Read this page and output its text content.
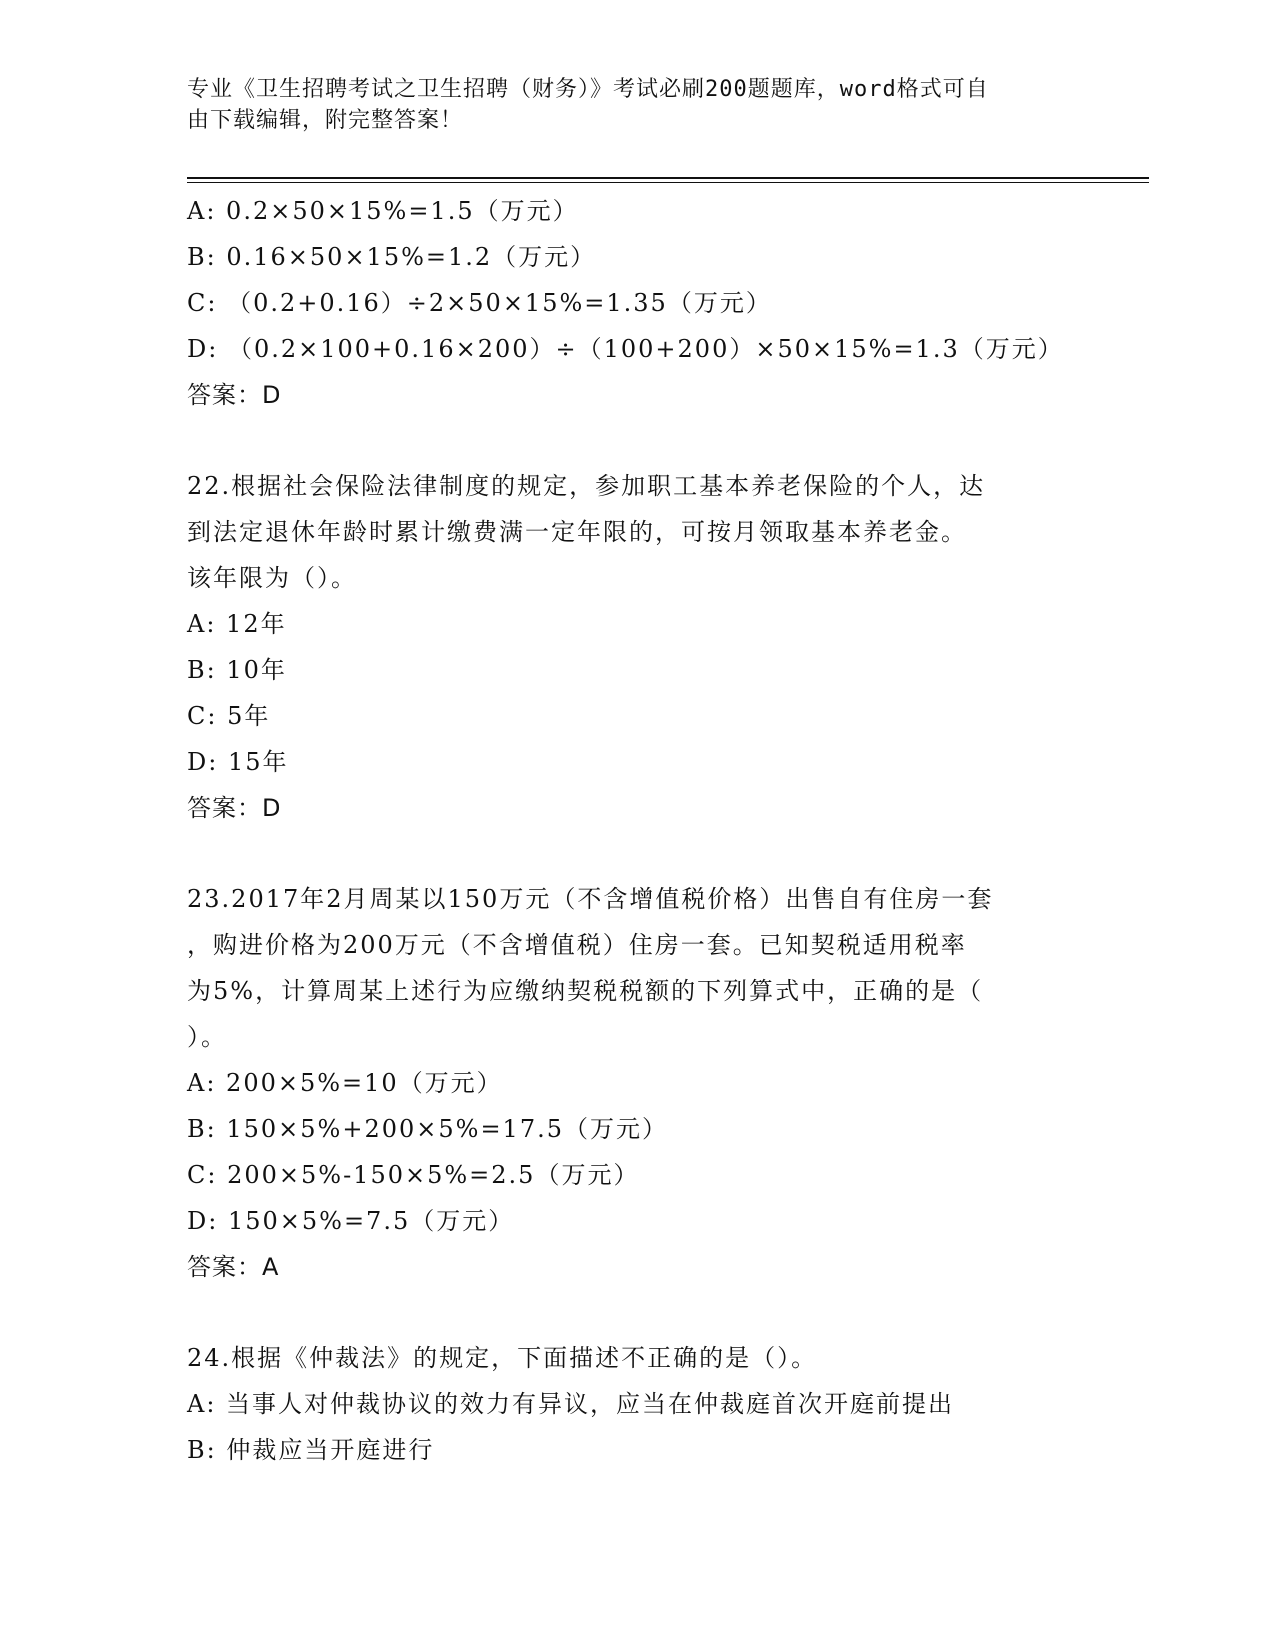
专业《卫生招聘考试之卫生招聘（财务）》考试必刷200题题库，word格式可自
由下载编辑，附完整答案！
A: 0.2×50×15%=1.5（万元）
B: 0.16×50×15%=1.2（万元）
C: （0.2+0.16）÷2×50×15%=1.35（万元）
D: （0.2×100+0.16×200）÷（100+200）×50×15%=1.3（万元）
答案：D
22.根据社会保险法律制度的规定，参加职工基本养老保险的个人，达
到法定退休年龄时累计缴费满一定年限的，可按月领取基本养老金。
该年限为（）。
A: 12年
B: 10年
C: 5年
D: 15年
答案：D
23.2017年2月周某以150万元（不含增值税价格）出售自有住房一套
，购进价格为200万元（不含增值税）住房一套。已知契税适用税率
为5%，计算周某上述行为应缴纳契税税额的下列算式中，正确的是（
）。
A: 200×5%=10（万元）
B: 150×5%+200×5%=17.5（万元）
C: 200×5%-150×5%=2.5（万元）
D: 150×5%=7.5（万元）
答案：A
24.根据《仲裁法》的规定，下面描述不正确的是（）。
A: 当事人对仲裁协议的效力有异议，应当在仲裁庭首次开庭前提出
B: 仲裁应当开庭进行
